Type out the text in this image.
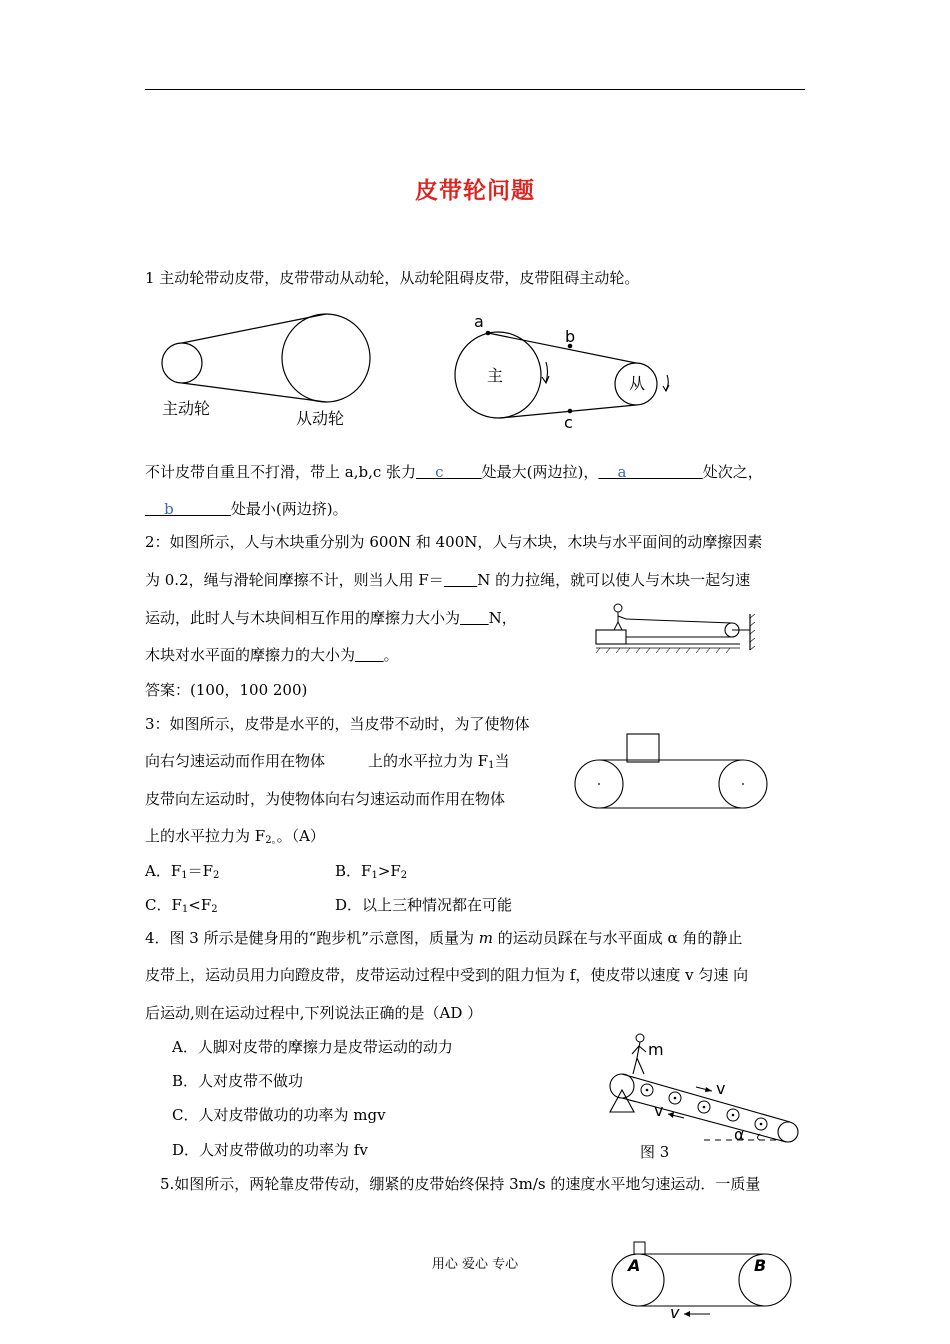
皮带轮问题
1 主动轮带动皮带，皮带带动从动轮，从动轮阻碍皮带，皮带阻碍主动轮。
主动轮
从动轮
a
b
c
主	从
不计皮带自重且不打滑，带上 a,b,c 张力 c	处最大(两边拉)， a	处次之，
b	处最小(两边挤)。
2：如图所示，人与木块重分别为 600N 和 400N，人与木块，木块与水平面间的动摩擦因素
为 0.2，绳与滑轮间摩擦不计，则当人用 F＝ N 的力拉绳，就可以使人与木块一起匀速
运动，此时人与木块间相互作用的摩擦力大小为 N，
木块对水平面的摩擦力的大小为 。
答案：(100，100 200)
3：如图所示，皮带是水平的，当皮带不动时，为了使物体
向右匀速运动而作用在物体	上的水平拉力为 $F_1$当
皮带向左运动时，为使物体向右匀速运动而作用在物体
上的水平拉力为 $F_{2。}$。（A）
A．$F_1=F_2$	B．$F_1>F_2$
C．$F_1<F_2$	D．以上三种情况都在可能
4．图 3 所示是健身用的“跑步机”示意图，质量为 m 的运动员踩在与水平面成 α 角的静止
皮带上，运动员用力向蹬皮带，皮带运动过程中受到的阻力恒为 f，使皮带以速度 v 匀速 向
后运动,则在运动过程中,下列说法正确的是（AD ）
A．人脚对皮带的摩擦力是皮带运动的动力
B．人对皮带不做功
C．人对皮带做功的功率为 mgv
D．人对皮带做功的功率为 fv
m
v
v
α
图 3
5.如图所示，两轮靠皮带传动，绷紧的皮带始终保持 3m/s 的速度水平地匀速运动．一质量
A	B
v
用心 爱心 专心
